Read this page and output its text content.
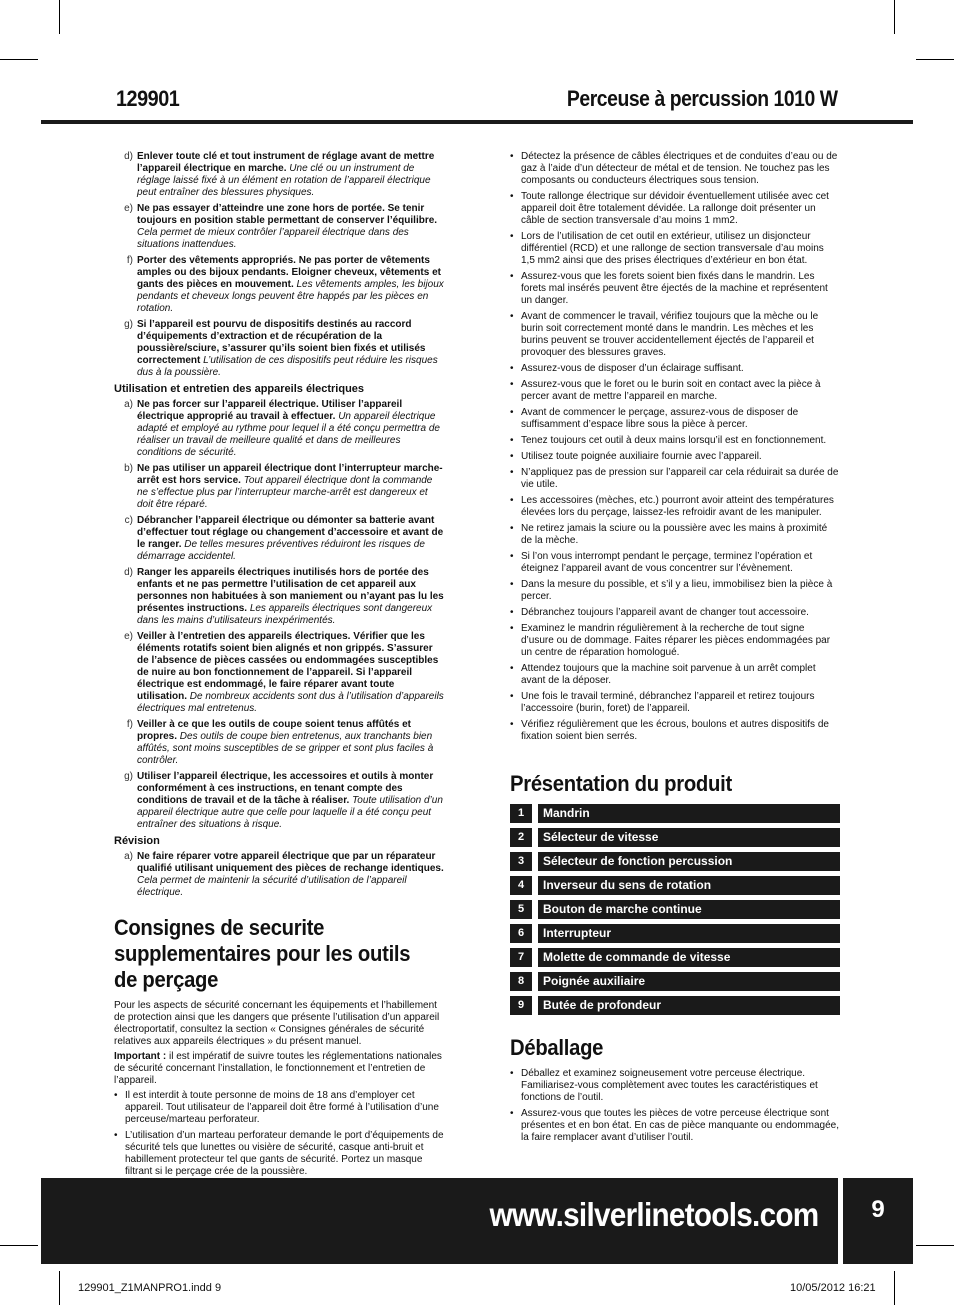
129901	Perceuse à percussion 1010 W
d) Enlever toute clé et tout instrument de réglage avant de mettre l’appareil électrique en marche. Une clé ou un instrument de réglage laissé fixé à un élément en rotation de l’appareil électrique peut entraîner des blessures physiques.
e) Ne pas essayer d’atteindre une zone hors de portée. Se tenir toujours en position stable permettant de conserver l’équilibre. Cela permet de mieux contrôler l’appareil électrique dans des situations inattendues.
f) Porter des vêtements appropriés. Ne pas porter de vêtements amples ou des bijoux pendants. Eloigner cheveux, vêtements et gants des pièces en mouvement. Les vêtements amples, les bijoux pendants et cheveux longs peuvent être happés par les pièces en rotation.
g) Si l’appareil est pourvu de dispositifs destinés au raccord d’équipements d’extraction et de récupération de la poussière/sciure, s’assurer qu’ils soient bien fixés et utilisés correctement L’utilisation de ces dispositifs peut réduire les risques dus à la poussière.
Utilisation et entretien des appareils électriques
a) Ne pas forcer sur l’appareil électrique. Utiliser l’appareil électrique approprié au travail à effectuer. Un appareil électrique adapté et employé au rythme pour lequel il a été conçu permettra de réaliser un travail de meilleure qualité et dans de meilleures conditions de sécurité.
b) Ne pas utiliser un appareil électrique dont l’interrupteur marche-arrêt est hors service. Tout appareil électrique dont la commande ne s’effectue plus par l’interrupteur marche-arrêt est dangereux et doit être réparé.
c) Débrancher l’appareil électrique ou démonter sa batterie avant d’effectuer tout réglage ou changement d’accessoire et avant de le ranger. De telles mesures préventives réduiront les risques de démarrage accidentel.
d) Ranger les appareils électriques inutilisés hors de portée des enfants et ne pas permettre l’utilisation de cet appareil aux personnes non habituées à son maniement ou n’ayant pas lu les présentes instructions. Les appareils électriques sont dangereux dans les mains d’utilisateurs inexpérimentés.
e) Veiller à l’entretien des appareils électriques. Vérifier que les éléments rotatifs soient bien alignés et non grippés. S’assurer de l’absence de pièces cassées ou endommagées susceptibles de nuire au bon fonctionnement de l’appareil. Si l’appareil électrique est endommagé, le faire réparer avant toute utilisation. De nombreux accidents sont dus à l’utilisation d’appareils électriques mal entretenus.
f) Veiller à ce que les outils de coupe soient tenus affûtés et propres. Des outils de coupe bien entretenus, aux tranchants bien affûtés, sont moins susceptibles de se gripper et sont plus faciles à contrôler.
g) Utiliser l’appareil électrique, les accessoires et outils à monter conformément à ces instructions, en tenant compte des conditions de travail et de la tâche à réaliser. Toute utilisation d’un appareil électrique autre que celle pour laquelle il a été conçu peut entraîner des situations à risque.
Révision
a) Ne faire réparer votre appareil électrique que par un réparateur qualifié utilisant uniquement des pièces de rechange identiques. Cela permet de maintenir la sécurité d’utilisation de l’appareil électrique.
Consignes de securite
supplementaires pour les outils
de perçage
Pour les aspects de sécurité concernant les équipements et l’habillement de protection ainsi que les dangers que présente l’utilisation d’un appareil électroportatif, consultez la section « Consignes générales de sécurité relatives aux appareils électriques » du présent manuel.
Important : il est impératif de suivre toutes les réglementations nationales de sécurité concernant l’installation, le fonctionnement et l’entretien de l’appareil.
• Il est interdit à toute personne de moins de 18 ans d’employer cet appareil. Tout utilisateur de l’appareil doit être formé à l’utilisation d’une perceuse/marteau perforateur.
• L’utilisation d’un marteau perforateur demande le port d’équipements de sécurité tels que lunettes ou visière de sécurité, casque anti-bruit et habillement protecteur tel que gants de sécurité. Portez un masque filtrant si le perçage crée de la poussière.
• Détectez la présence de câbles électriques et de conduites d’eau ou de gaz à l’aide d’un détecteur de métal et de tension. Ne touchez pas les composants ou conducteurs électriques sous tension.
• Toute rallonge électrique sur dévidoir éventuellement utilisée avec cet appareil doit être totalement dévidée. La rallonge doit présenter un câble de section transversale d’au moins 1 mm2.
• Lors de l’utilisation de cet outil en extérieur, utilisez un disjoncteur différentiel (RCD) et une rallonge de section transversale d’au moins 1,5 mm2 ainsi que des prises électriques d’extérieur en bon état.
• Assurez-vous que les forets soient bien fixés dans le mandrin. Les forets mal insérés peuvent être éjectés de la machine et représentent un danger.
• Avant de commencer le travail, vérifiez toujours que la mèche ou le burin soit correctement monté dans le mandrin. Les mèches et les burins peuvent se trouver accidentellement éjectés de l’appareil et provoquer des blessures graves.
• Assurez-vous de disposer d’un éclairage suffisant.
• Assurez-vous que le foret ou le burin soit en contact avec la pièce à percer avant de mettre l’appareil en marche.
• Avant de commencer le perçage, assurez-vous de disposer de suffisamment d’espace libre sous la pièce à percer.
• Tenez toujours cet outil à deux mains lorsqu’il est en fonctionnement.
• Utilisez toute poignée auxiliaire fournie avec l’appareil.
• N’appliquez pas de pression sur l’appareil car cela réduirait sa durée de vie utile.
• Les accessoires (mèches, etc.) pourront avoir atteint des températures élevées lors du perçage, laissez-les refroidir avant de les manipuler.
• Ne retirez jamais la sciure ou la poussière avec les mains à proximité de la mèche.
• Si l’on vous interrompt pendant le perçage, terminez l’opération et éteignez l’appareil avant de vous concentrer sur l’évènement.
• Dans la mesure du possible, et s’il y a lieu, immobilisez bien la pièce à percer.
• Débranchez toujours l’appareil avant de changer tout accessoire.
• Examinez le mandrin régulièrement à la recherche de tout signe d’usure ou de dommage. Faites réparer les pièces endommagées par un centre de réparation homologué.
• Attendez toujours que la machine soit parvenue à un arrêt complet avant de la déposer.
• Une fois le travail terminé, débranchez l’appareil et retirez toujours l’accessoire (burin, foret) de l’appareil.
• Vérifiez régulièrement que les écrous, boulons et autres dispositifs de fixation soient bien serrés.
Présentation du produit
1	Mandrin
2	Sélecteur de vitesse
3	Sélecteur de fonction percussion
4	Inverseur du sens de rotation
5	Bouton de marche continue
6	Interrupteur
7	Molette de commande de vitesse
8	Poignée auxiliaire
9	Butée de profondeur
Déballage
• Déballez et examinez soigneusement votre perceuse électrique. Familiarisez-vous complètement avec toutes les caractéristiques et fonctions de l’outil.
• Assurez-vous que toutes les pièces de votre perceuse électrique sont présentes et en bon état. En cas de pièce manquante ou endommagée, la faire remplacer avant d’utiliser l’outil.
www.silverlinetools.com	9
129901_Z1MANPRO1.indd 9	10/05/2012 16:21
